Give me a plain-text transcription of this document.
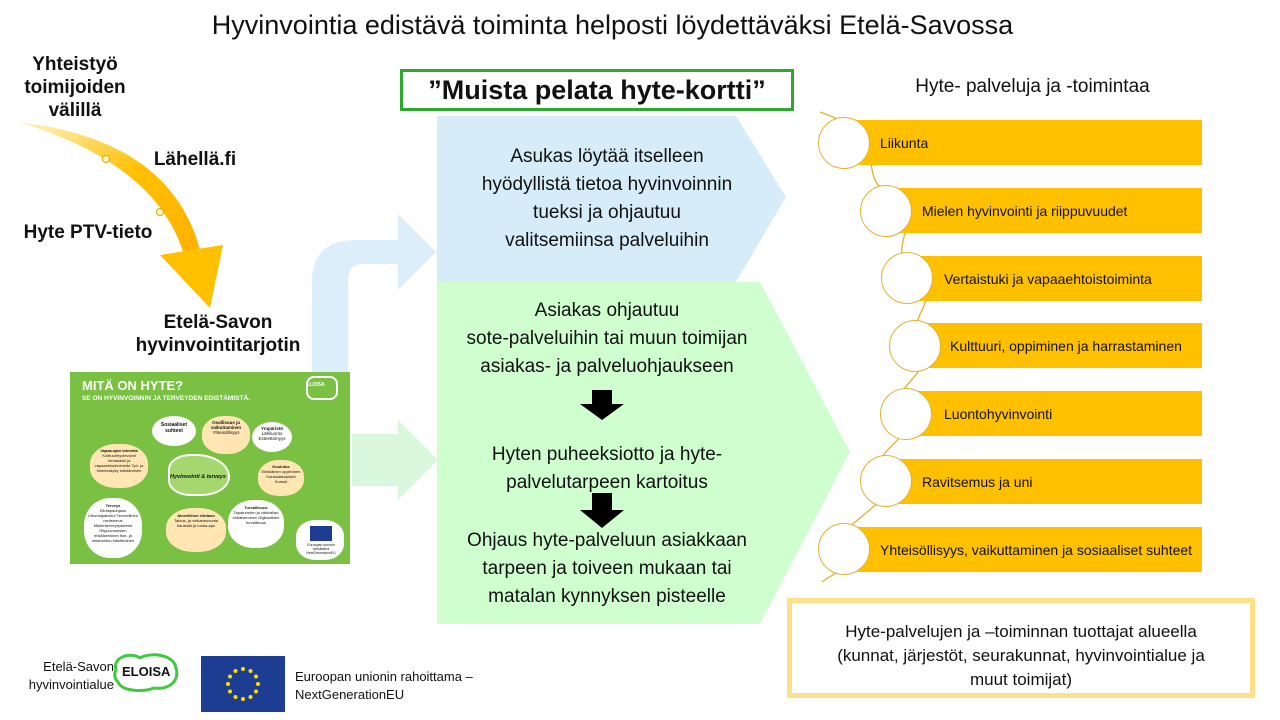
Hyvinvointia edistävä toiminta helposti löydettäväksi Etelä-Savossa
Yhteistyö
toimijoiden
välillä
Lähellä.fi
Hyte PTV-tieto
Etelä-Savon
hyvinvointitarjotin
MITÄ ON HYTE?
SE ON HYVINVOINNIN JA TERVEYDEN EDISTÄMISTÄ.
ELOISA
Hyvinvointi & terveys
Sosiaaliset suhteet
Osallisuus ja vaikuttaminen
Yhteisöllisyys
Ympäristö
Lähiluonto Esteettömyys
Vapaa-ajan toiminta
Kulttuurihyvinvointi Vertaistuki ja vapaaehtoistoiminta Työ- ja toimintakyky edistäminen
Koulutus
Elinikäinen oppiminen Kansalaisopistot Kurssit
Terveys
Elintapaohjaus Liikuntapalvelut Terveellinen ravitsemus Mielenterveyspalvelut Riippuvuuksien ehkäiseminen Itse- ja omahoidon edistäminen
Aineellinen elintaso
Talous- ja velkaneuvonta Asustuki ja ruoka-apu
Turvallisuus
Tapaturmien ja väkivallan ehkäiseminen Digitaalinen turvallisuus
Euroopan unionin rahoittama NextGenerationEU
”Muista pelata hyte-kortti”
Asukas löytää itselleen
hyödyllistä tietoa hyvinvoinnin
tueksi ja ohjautuu
valitsemiinsa palveluihin
Asiakas ohjautuu
sote-palveluihin tai muun toimijan
asiakas- ja palveluohjaukseen
Hyten puheeksiotto ja hyte-
palvelutarpeen kartoitus
Ohjaus hyte-palveluun asiakkaan
tarpeen ja toiveen mukaan tai
matalan kynnyksen pisteelle
Hyte- palveluja ja -toimintaa
Liikunta
Mielen hyvinvointi ja riippuvuudet
Vertaistuki ja vapaaehtoistoiminta
Kulttuuri, oppiminen ja harrastaminen
Luontohyvinvointi
Ravitsemus ja uni
Yhteisöllisyys, vaikuttaminen ja sosiaaliset suhteet
Hyte-palvelujen ja –toiminnan tuottajat alueella
(kunnat, järjestöt, seurakunnat, hyvinvointialue ja
muut toimijat)
Etelä-Savon
hyvinvointialue
ELOISA	Euroopan unionin rahoittama –
NextGenerationEU
